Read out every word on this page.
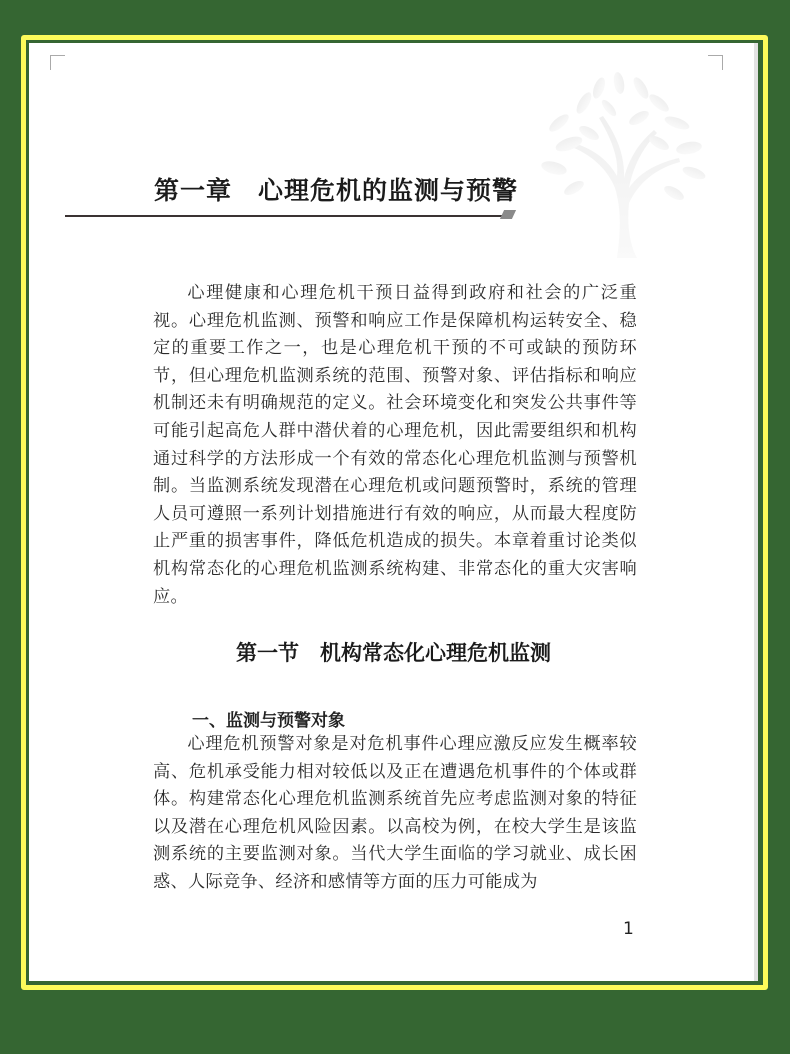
第一章　心理危机的监测与预警

心理健康和心理危机干预日益得到政府和社会的广泛重视。心理危机监测、预警和响应工作是保障机构运转安全、稳定的重要工作之一，也是心理危机干预的不可或缺的预防环节，但心理危机监测系统的范围、预警对象、评估指标和响应机制还未有明确规范的定义。社会环境变化和突发公共事件等可能引起高危人群中潜伏着的心理危机，因此需要组织和机构通过科学的方法形成一个有效的常态化心理危机监测与预警机制。当监测系统发现潜在心理危机或问题预警时，系统的管理人员可遵照一系列计划措施进行有效的响应，从而最大程度防止严重的损害事件，降低危机造成的损失。本章着重讨论类似机构常态化的心理危机监测系统构建、非常态化的重大灾害响应。

第一节　机构常态化心理危机监测
一、监测与预警对象

心理危机预警对象是对危机事件心理应激反应发生概率较高、危机承受能力相对较低以及正在遭遇危机事件的个体或群体。构建常态化心理危机监测系统首先应考虑监测对象的特征以及潜在心理危机风险因素。以高校为例，在校大学生是该监测系统的主要监测对象。当代大学生面临的学习就业、成长困惑、人际竞争、经济和感情等方面的压力可能成为

1
